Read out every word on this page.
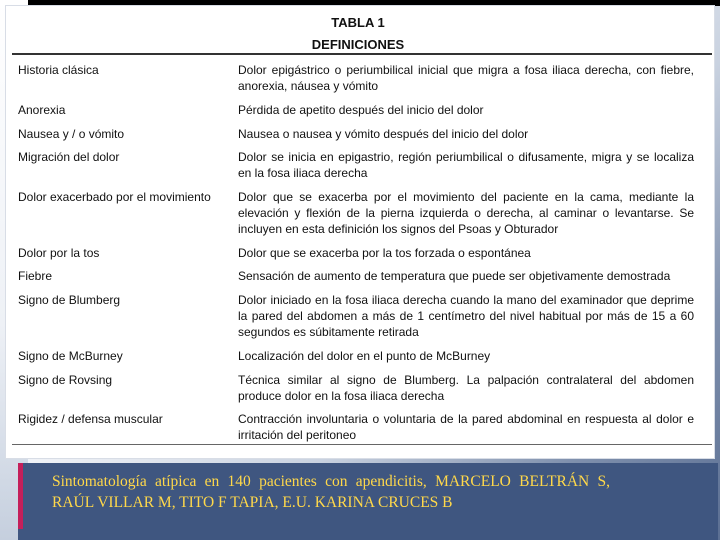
TABLA 1
DEFINICIONES
Historia clásica	Dolor epigástrico o periumbilical inicial que migra a fosa iliaca derecha, con fiebre, anorexia, náusea y vómito
Anorexia	Pérdida de apetito después del inicio del dolor
Nausea y / o vómito	Nausea o nausea y vómito después del inicio del dolor
Migración del dolor	Dolor se inicia en epigastrio, región periumbilical o difusamente, migra y se localiza en la fosa iliaca derecha
Dolor exacerbado por el movimiento	Dolor que se exacerba por el movimiento del paciente en la cama, mediante la elevación y flexión de la pierna izquierda o derecha, al caminar o levantarse. Se incluyen en esta definición los signos del Psoas y Obturador
Dolor por la tos	Dolor que se exacerba por la tos forzada o espontánea
Fiebre	Sensación de aumento de temperatura que puede ser objetivamente demostrada
Signo de Blumberg	Dolor iniciado en la fosa iliaca derecha cuando la mano del examinador que deprime la pared del abdomen a más de 1 centímetro del nivel habitual por más de 15 a 60 segundos es súbitamente retirada
Signo de McBurney	Localización del dolor en el punto de McBurney
Signo de Rovsing	Técnica similar al signo de Blumberg. La palpación contralateral del abdomen produce dolor en la fosa iliaca derecha
Rigidez / defensa muscular	Contracción involuntaria o voluntaria de la pared abdominal en respuesta al dolor e irritación del peritoneo
Sintomatología atípica en 140 pacientes con apendicitis, MARCELO BELTRÁN S, RAÚL VILLAR M, TITO F TAPIA, E.U. KARINA CRUCES B
